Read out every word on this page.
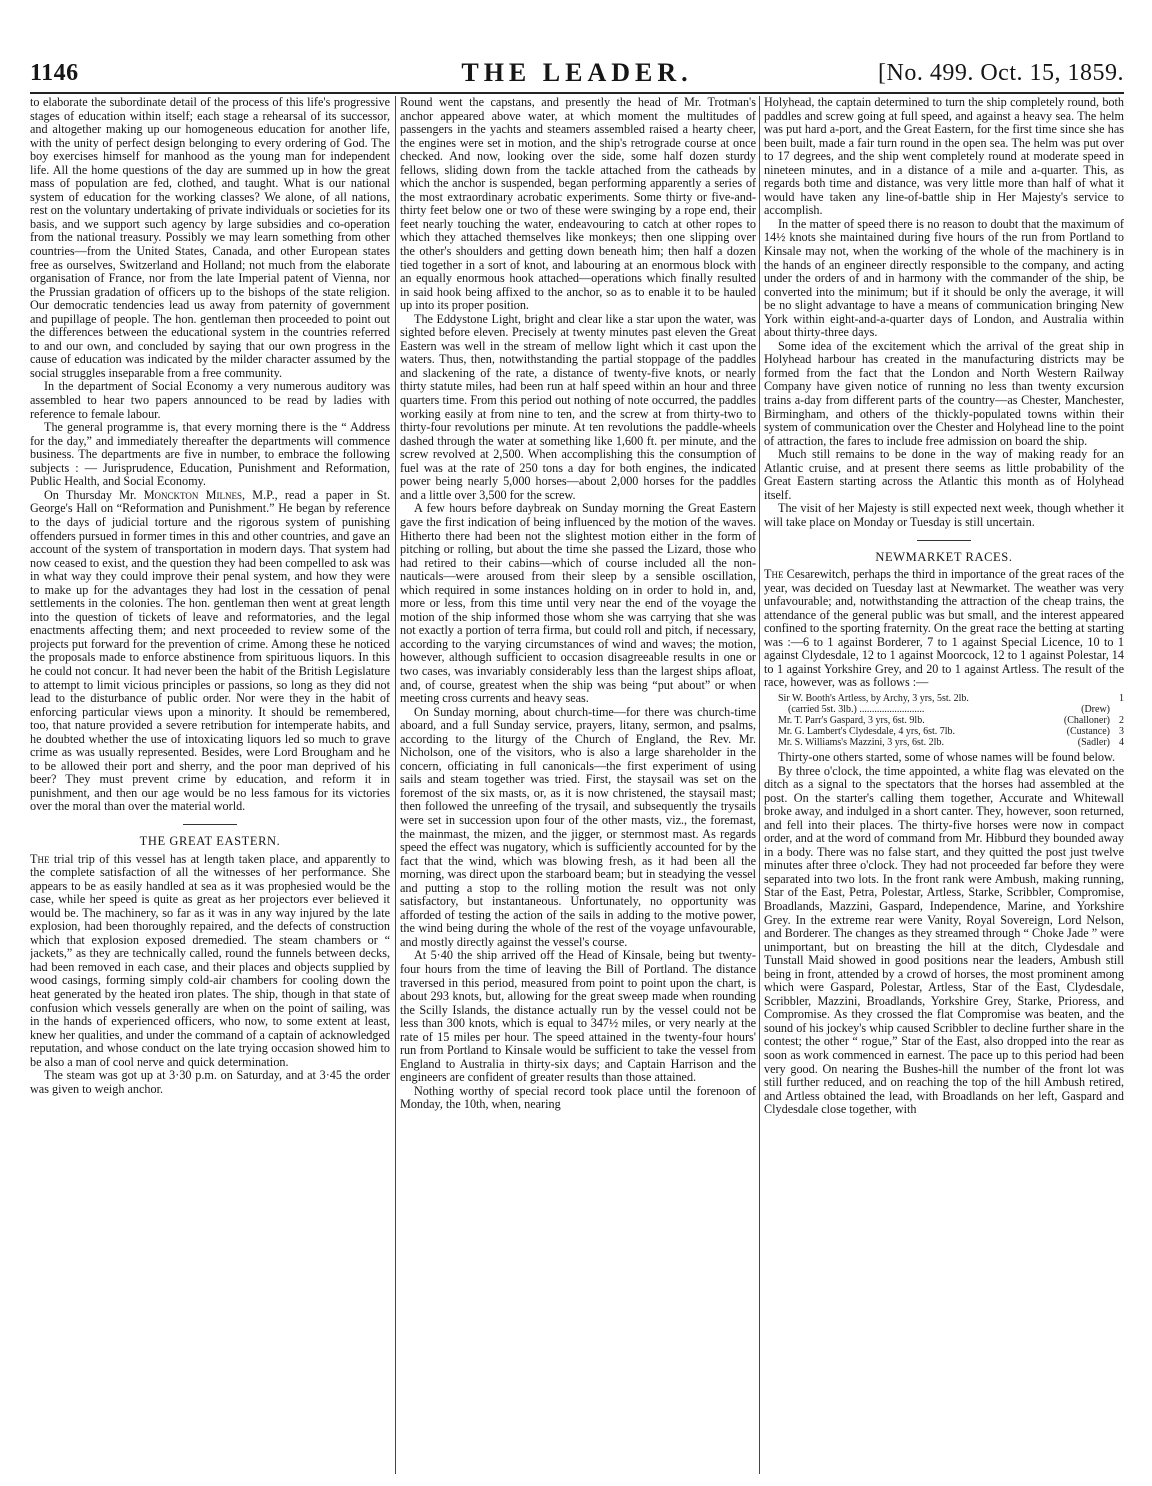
1146	THE LEADER.	[No. 499. Oct. 15, 1859.

to elaborate the subordinate detail of the process of this life's progressive stages of education within itself; each stage a rehearsal of its successor, and altogether making up our homogeneous education for another life, with the unity of perfect design belonging to every ordering of God. The boy exercises himself for manhood as the young man for independent life. All the home questions of the day are summed up in how the great mass of population are fed, clothed, and taught. What is our national system of education for the working classes? We alone, of all nations, rest on the voluntary undertaking of private individuals or societies for its basis, and we support such agency by large subsidies and co-operation from the national treasury. Possibly we may learn something from other countries—from the United States, Canada, and other European states free as ourselves, Switzerland and Holland; not much from the elaborate organisation of France, nor from the late Imperial patent of Vienna, nor the Prussian gradation of officers up to the bishops of the state religion. Our democratic tendencies lead us away from paternity of government and pupillage of people. The hon. gentleman then proceeded to point out the differences between the educational system in the countries referred to and our own, and concluded by saying that our own progress in the cause of education was indicated by the milder character assumed by the social struggles inseparable from a free community.

In the department of Social Economy a very numerous auditory was assembled to hear two papers announced to be read by ladies with reference to female labour.

The general programme is, that every morning there is the “ Address for the day,” and immediately thereafter the departments will commence business. The departments are five in number, to embrace the following subjects : — Jurisprudence, Education, Punishment and Reformation, Public Health, and Social Economy.

On Thursday Mr. Monckton Milnes, M.P., read a paper in St. George's Hall on “Reformation and Punishment.” He began by reference to the days of judicial torture and the rigorous system of punishing offenders pursued in former times in this and other countries, and gave an account of the system of transportation in modern days. That system had now ceased to exist, and the question they had been compelled to ask was in what way they could improve their penal system, and how they were to make up for the advantages they had lost in the cessation of penal settlements in the colonies. The hon. gentleman then went at great length into the question of tickets of leave and reformatories, and the legal enactments affecting them; and next proceeded to review some of the projects put forward for the prevention of crime. Among these he noticed the proposals made to enforce abstinence from spirituous liquors. In this he could not concur. It had never been the habit of the British Legislature to attempt to limit vicious principles or passions, so long as they did not lead to the disturbance of public order. Nor were they in the habit of enforcing particular views upon a minority. It should be remembered, too, that nature provided a severe retribution for intemperate habits, and he doubted whether the use of intoxicating liquors led so much to grave crime as was usually represented. Besides, were Lord Brougham and he to be allowed their port and sherry, and the poor man deprived of his beer? They must prevent crime by education, and reform it in punishment, and then our age would be no less famous for its victories over the moral than over the material world.

THE GREAT EASTERN.

The trial trip of this vessel has at length taken place, and apparently to the complete satisfaction of all the witnesses of her performance. She appears to be as easily handled at sea as it was prophesied would be the case, while her speed is quite as great as her projectors ever believed it would be. The machinery, so far as it was in any way injured by the late explosion, had been thoroughly repaired, and the defects of construction which that explosion exposed dremedied. The steam chambers or “ jackets,” as they are technically called, round the funnels between decks, had been removed in each case, and their places and objects supplied by wood casings, forming simply cold-air chambers for cooling down the heat generated by the heated iron plates. The ship, though in that state of confusion which vessels generally are when on the point of sailing, was in the hands of experienced officers, who now, to some extent at least, knew her qualities, and under the command of a captain of acknowledged reputation, and whose conduct on the late trying occasion showed him to be also a man of cool nerve and quick determination.

The steam was got up at 3·30 p.m. on Saturday, and at 3·45 the order was given to weigh anchor.

Round went the capstans, and presently the head of Mr. Trotman's anchor appeared above water, at which moment the multitudes of passengers in the yachts and steamers assembled raised a hearty cheer, the engines were set in motion, and the ship's retrograde course at once checked. And now, looking over the side, some half dozen sturdy fellows, sliding down from the tackle attached from the catheads by which the anchor is suspended, began performing apparently a series of the most extraordinary acrobatic experiments. Some thirty or five-and-thirty feet below one or two of these were swinging by a rope end, their feet nearly touching the water, endeavouring to catch at other ropes to which they attached themselves like monkeys; then one slipping over the other's shoulders and getting down beneath him; then half a dozen tied together in a sort of knot, and labouring at an enormous block with an equally enormous hook attached—operations which finally resulted in said hook being affixed to the anchor, so as to enable it to be hauled up into its proper position.

The Eddystone Light, bright and clear like a star upon the water, was sighted before eleven. Precisely at twenty minutes past eleven the Great Eastern was well in the stream of mellow light which it cast upon the waters. Thus, then, notwithstanding the partial stoppage of the paddles and slackening of the rate, a distance of twenty-five knots, or nearly thirty statute miles, had been run at half speed within an hour and three quarters time. From this period out nothing of note occurred, the paddles working easily at from nine to ten, and the screw at from thirty-two to thirty-four revolutions per minute. At ten revolutions the paddle-wheels dashed through the water at something like 1,600 ft. per minute, and the screw revolved at 2,500. When accomplishing this the consumption of fuel was at the rate of 250 tons a day for both engines, the indicated power being nearly 5,000 horses—about 2,000 horses for the paddles and a little over 3,500 for the screw.

A few hours before daybreak on Sunday morning the Great Eastern gave the first indication of being influenced by the motion of the waves. Hitherto there had been not the slightest motion either in the form of pitching or rolling, but about the time she passed the Lizard, those who had retired to their cabins—which of course included all the non-nauticals—were aroused from their sleep by a sensible oscillation, which required in some instances holding on in order to hold in, and, more or less, from this time until very near the end of the voyage the motion of the ship informed those whom she was carrying that she was not exactly a portion of terra firma, but could roll and pitch, if necessary, according to the varying circumstances of wind and waves; the motion, however, although sufficient to occasion disagreeable results in one or two cases, was invariably considerably less than the largest ships afloat, and, of course, greatest when the ship was being “put about” or when meeting cross currents and heavy seas.

On Sunday morning, about church-time—for there was church-time aboard, and a full Sunday service, prayers, litany, sermon, and psalms, according to the liturgy of the Church of England, the Rev. Mr. Nicholson, one of the visitors, who is also a large shareholder in the concern, officiating in full canonicals—the first experiment of using sails and steam together was tried. First, the staysail was set on the foremost of the six masts, or, as it is now christened, the staysail mast; then followed the unreefing of the trysail, and subsequently the trysails were set in succession upon four of the other masts, viz., the foremast, the mainmast, the mizen, and the jigger, or sternmost mast. As regards speed the effect was nugatory, which is sufficiently accounted for by the fact that the wind, which was blowing fresh, as it had been all the morning, was direct upon the starboard beam; but in steadying the vessel and putting a stop to the rolling motion the result was not only satisfactory, but instantaneous. Unfortunately, no opportunity was afforded of testing the action of the sails in adding to the motive power, the wind being during the whole of the rest of the voyage unfavourable, and mostly directly against the vessel's course.

At 5·40 the ship arrived off the Head of Kinsale, being but twenty-four hours from the time of leaving the Bill of Portland. The distance traversed in this period, measured from point to point upon the chart, is about 293 knots, but, allowing for the great sweep made when rounding the Scilly Islands, the distance actually run by the vessel could not be less than 300 knots, which is equal to 347½ miles, or very nearly at the rate of 15 miles per hour. The speed attained in the twenty-four hours' run from Portland to Kinsale would be sufficient to take the vessel from England to Australia in thirty-six days; and Captain Harrison and the engineers are confident of greater results than those attained.

Nothing worthy of special record took place until the forenoon of Monday, the 10th, when, nearing

Holyhead, the captain determined to turn the ship completely round, both paddles and screw going at full speed, and against a heavy sea. The helm was put hard a-port, and the Great Eastern, for the first time since she has been built, made a fair turn round in the open sea. The helm was put over to 17 degrees, and the ship went completely round at moderate speed in nineteen minutes, and in a distance of a mile and a-quarter. This, as regards both time and distance, was very little more than half of what it would have taken any line-of-battle ship in Her Majesty's service to accomplish.

In the matter of speed there is no reason to doubt that the maximum of 14½ knots she maintained during five hours of the run from Portland to Kinsale may not, when the working of the whole of the machinery is in the hands of an engineer directly responsible to the company, and acting under the orders of and in harmony with the commander of the ship, be converted into the minimum; but if it should be only the average, it will be no slight advantage to have a means of communication bringing New York within eight-and-a-quarter days of London, and Australia within about thirty-three days.

Some idea of the excitement which the arrival of the great ship in Holyhead harbour has created in the manufacturing districts may be formed from the fact that the London and North Western Railway Company have given notice of running no less than twenty excursion trains a-day from different parts of the country—as Chester, Manchester, Birmingham, and others of the thickly-populated towns within their system of communication over the Chester and Holyhead line to the point of attraction, the fares to include free admission on board the ship.

Much still remains to be done in the way of making ready for an Atlantic cruise, and at present there seems as little probability of the Great Eastern starting across the Atlantic this month as of Holyhead itself.

The visit of her Majesty is still expected next week, though whether it will take place on Monday or Tuesday is still uncertain.

NEWMARKET RACES.

The Cesarewitch, perhaps the third in importance of the great races of the year, was decided on Tuesday last at Newmarket. The weather was very unfavourable; and, notwithstanding the attraction of the cheap trains, the attendance of the general public was but small, and the interest appeared confined to the sporting fraternity. On the great race the betting at starting was :—6 to 1 against Borderer, 7 to 1 against Special Licence, 10 to 1 against Clydesdale, 12 to 1 against Moorcock, 12 to 1 against Polestar, 14 to 1 against Yorkshire Grey, and 20 to 1 against Artless. The result of the race, however, was as follows :—

Sir W. Booth's Artless, by Archy, 3 yrs, 5st. 2lb.	1
(carried 5st. 3lb.) ..........................	(Drew)
Mr. T. Parr's Gaspard, 3 yrs, 6st. 9lb.	(Challoner) 2
Mr. G. Lambert's Clydesdale, 4 yrs, 6st. 7lb.	(Custance) 3
Mr. S. Williams's Mazzini, 3 yrs, 6st. 2lb.	(Sadler) 4

Thirty-one others started, some of whose names will be found below.

By three o'clock, the time appointed, a white flag was elevated on the ditch as a signal to the spectators that the horses had assembled at the post. On the starter's calling them together, Accurate and Whitewall broke away, and indulged in a short canter. They, however, soon returned, and fell into their places. The thirty-five horses were now in compact order, and at the word of command from Mr. Hibburd they bounded away in a body. There was no false start, and they quitted the post just twelve minutes after three o'clock. They had not proceeded far before they were separated into two lots. In the front rank were Ambush, making running, Star of the East, Petra, Polestar, Artless, Starke, Scribbler, Compromise, Broadlands, Mazzini, Gaspard, Independence, Marine, and Yorkshire Grey. In the extreme rear were Vanity, Royal Sovereign, Lord Nelson, and Borderer. The changes as they streamed through “ Choke Jade ” were unimportant, but on breasting the hill at the ditch, Clydesdale and Tunstall Maid showed in good positions near the leaders, Ambush still being in front, attended by a crowd of horses, the most prominent among which were Gaspard, Polestar, Artless, Star of the East, Clydesdale, Scribbler, Mazzini, Broadlands, Yorkshire Grey, Starke, Prioress, and Compromise. As they crossed the flat Compromise was beaten, and the sound of his jockey's whip caused Scribbler to decline further share in the contest; the other “ rogue,” Star of the East, also dropped into the rear as soon as work commenced in earnest. The pace up to this period had been very good. On nearing the Bushes-hill the number of the front lot was still further reduced, and on reaching the top of the hill Ambush retired, and Artless obtained the lead, with Broadlands on her left, Gaspard and Clydesdale close together, with
